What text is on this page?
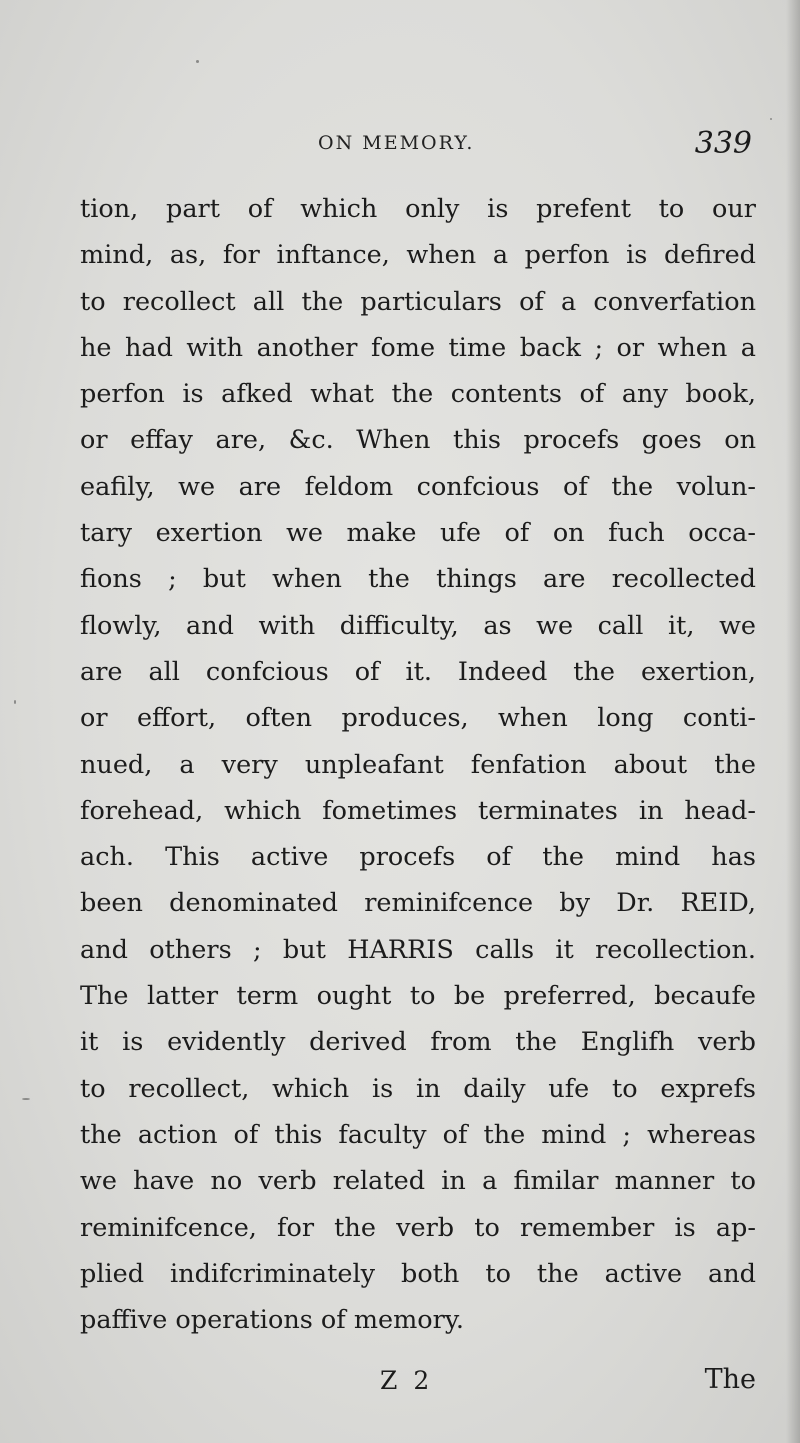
ON MEMORY.	339
tion, part of which only is prefent to our
mind, as, for inftance, when a perfon is defired
to recollect all the particulars of a converfation
he had with another fome time back ; or when a
perfon is afked what the contents of any book,
or effay are, &c. When this procefs goes on
eafily, we are feldom confcious of the volun-
tary exertion we make ufe of on fuch occa-
fions ; but when the things are recollected
flowly, and with difficulty, as we call it, we
are all confcious of it. Indeed the exertion,
or effort, often produces, when long conti-
nued, a very unpleafant fenfation about the
forehead, which fometimes terminates in head-
ach. This active procefs of the mind has
been denominated reminifcence by Dr. REID,
and others ; but HARRIS calls it recollection.
The latter term ought to be preferred, becaufe
it is evidently derived from the Englifh verb
to recollect, which is in daily ufe to exprefs
the action of this faculty of the mind ; whereas
we have no verb related in a fimilar manner to
reminifcence, for the verb to remember is ap-
plied indifcriminately both to the active and
paffive operations of memory.
Z 2	The
